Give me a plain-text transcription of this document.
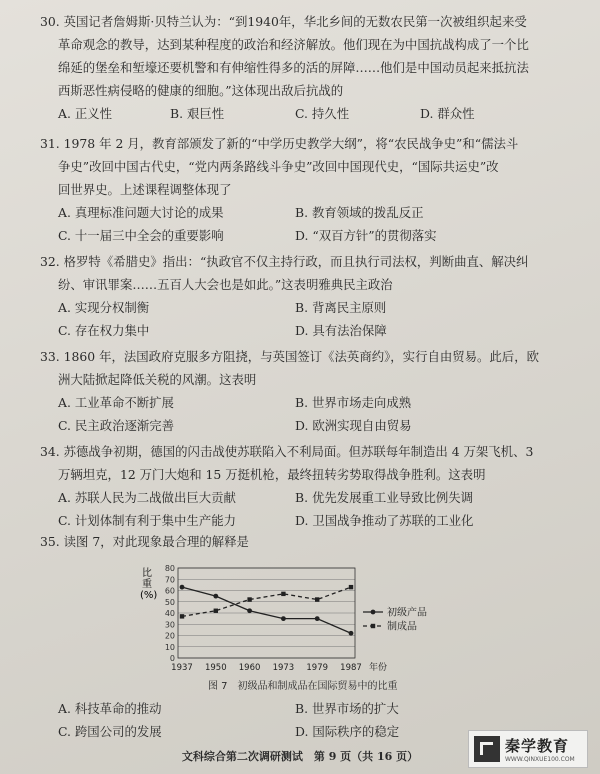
30. 英国记者詹姆斯·贝特兰认为：“到1940年，华北乡间的无数农民第一次被组织起来受

革命观念的教导，达到某种程度的政治和经济解放。他们现在为中国抗战构成了一个比

绵延的堡垒和堑壕还要机警和有伸缩性得多的活的屏障……他们是中国动员起来抵抗法

西斯恶性病侵略的健康的细胞。”这体现出敌后抗战的

A. 正义性	B. 艰巨性	C. 持久性	D. 群众性

31. 1978 年 2 月，教育部颁发了新的“中学历史教学大纲”，将“农民战争史”和“儒法斗

争史”改回中国古代史，“党内两条路线斗争史”改回中国现代史，“国际共运史”改

回世界史。上述课程调整体现了

A. 真理标准问题大讨论的成果	B. 教育领域的拨乱反正
C. 十一届三中全会的重要影响	D. “双百方针”的贯彻落实

32. 格罗特《希腊史》指出：“执政官不仅主持行政，而且执行司法权，判断曲直、解决纠

纷、审讯罪案……五百人大会也是如此。”这表明雅典民主政治

A. 实现分权制衡	B. 背离民主原则
C. 存在权力集中	D. 具有法治保障

33. 1860 年，法国政府克服多方阻挠，与英国签订《法英商约》，实行自由贸易。此后，欧

洲大陆掀起降低关税的风潮。这表明

A. 工业革命不断扩展	B. 世界市场走向成熟
C. 民主政治逐渐完善	D. 欧洲实现自由贸易

34. 苏德战争初期，德国的闪击战使苏联陷入不利局面。但苏联每年制造出 4 万架飞机、3

万辆坦克，12 万门大炮和 15 万挺机枪，最终扭转劣势取得战争胜利。这表明

A. 苏联人民为二战做出巨大贡献	B. 优先发展重工业导致比例失调
C. 计划体制有利于集中生产能力	D. 卫国战争推动了苏联的工业化

35. 读图 7，对此现象最合理的解释是

比 重 (%)
0
10
20
30
40
50
60
70
80
1937 1950 1960 1973 1979 1987 年份
初级产品
制成品
图 7　初级品和制成品在国际贸易中的比重
A. 科技革命的推动	B. 世界市场的扩大
C. 跨国公司的发展	D. 国际秩序的稳定
文科综合第二次调研测试　第 9 页（共 16 页）
秦学教育
WWW.QINXUE100.COM
